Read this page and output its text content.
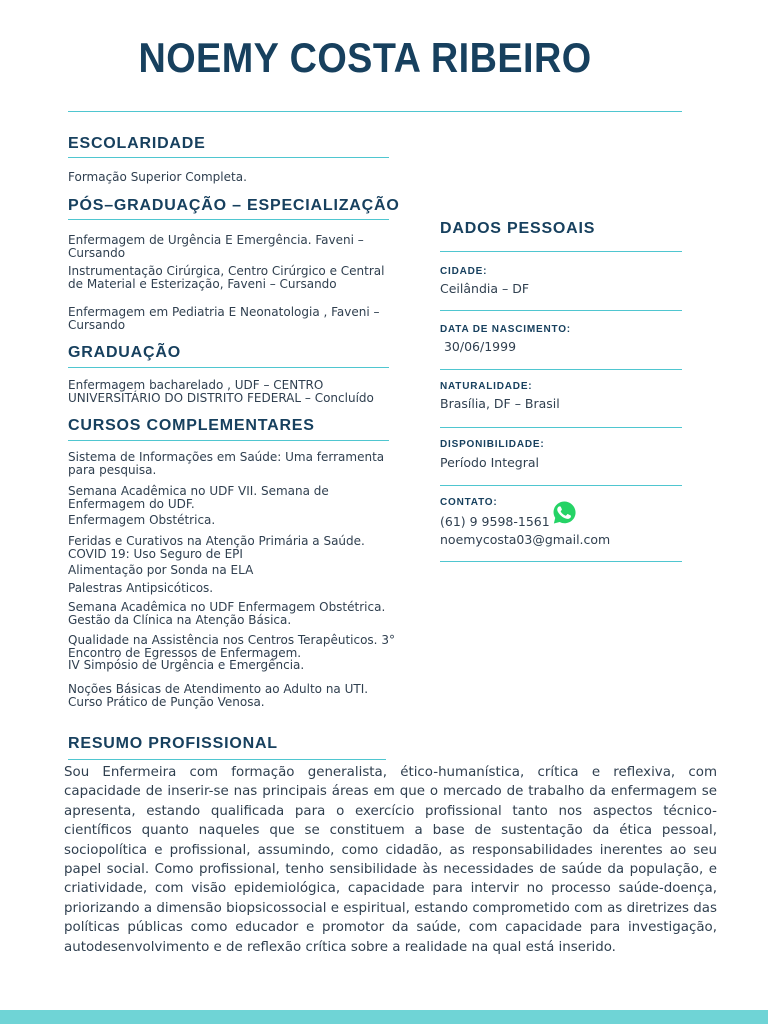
NOEMY COSTA RIBEIRO
ESCOLARIDADE

Formação Superior Completa.

PÓS–GRADUAÇÃO – ESPECIALIZAÇÃO

Enfermagem de Urgência E Emergência. Faveni –
Cursando

Instrumentação Cirúrgica, Centro Cirúrgico e Central
de Material e Esterização, Faveni – Cursando

Enfermagem em Pediatria E Neonatologia , Faveni –
Cursando

GRADUAÇÃO

Enfermagem bacharelado , UDF – CENTRO
UNIVERSITÁRIO DO DISTRITO FEDERAL – Concluído

CURSOS COMPLEMENTARES

Sistema de Informações em Saúde: Uma ferramenta
para pesquisa.

Semana Acadêmica no UDF VII. Semana de
Enfermagem do UDF.

Enfermagem Obstétrica.

Feridas e Curativos na Atenção Primária a Saúde.
COVID 19: Uso Seguro de EPI

Alimentação por Sonda na ELA

Palestras Antipsicóticos.

Semana Acadêmica no UDF Enfermagem Obstétrica.
Gestão da Clínica na Atenção Básica.

Qualidade na Assistência nos Centros Terapêuticos. 3°
Encontro de Egressos de Enfermagem.
IV Simpósio de Urgência e Emergência.

Noções Básicas de Atendimento ao Adulto na UTI.
Curso Prático de Punção Venosa.

DADOS PESSOAIS

CIDADE:

Ceilândia – DF

DATA DE NASCIMENTO:

30/06/1999

NATURALIDADE:

Brasília, DF – Brasil

DISPONIBILIDADE:

Período Integral

CONTATO:

(61) 9 9598-1561

noemycosta03@gmail.com

RESUMO PROFISSIONAL

Sou Enfermeira com formação generalista, ético-humanística, crítica e reflexiva, com capacidade de inserir-se nas principais áreas em que o mercado de trabalho da enfermagem se apresenta, estando qualificada para o exercício profissional tanto nos aspectos técnico-científicos quanto naqueles que se constituem a base de sustentação da ética pessoal, sociopolítica e profissional, assumindo, como cidadão, as responsabilidades inerentes ao seu papel social. Como profissional, tenho sensibilidade às necessidades de saúde da população, e criatividade, com visão epidemiológica, capacidade para intervir no processo saúde-doença, priorizando a dimensão biopsicossocial e espiritual, estando comprometido com as diretrizes das políticas públicas como educador e promotor da saúde, com capacidade para investigação, autodesenvolvimento e de reflexão crítica sobre a realidade na qual está inserido.
